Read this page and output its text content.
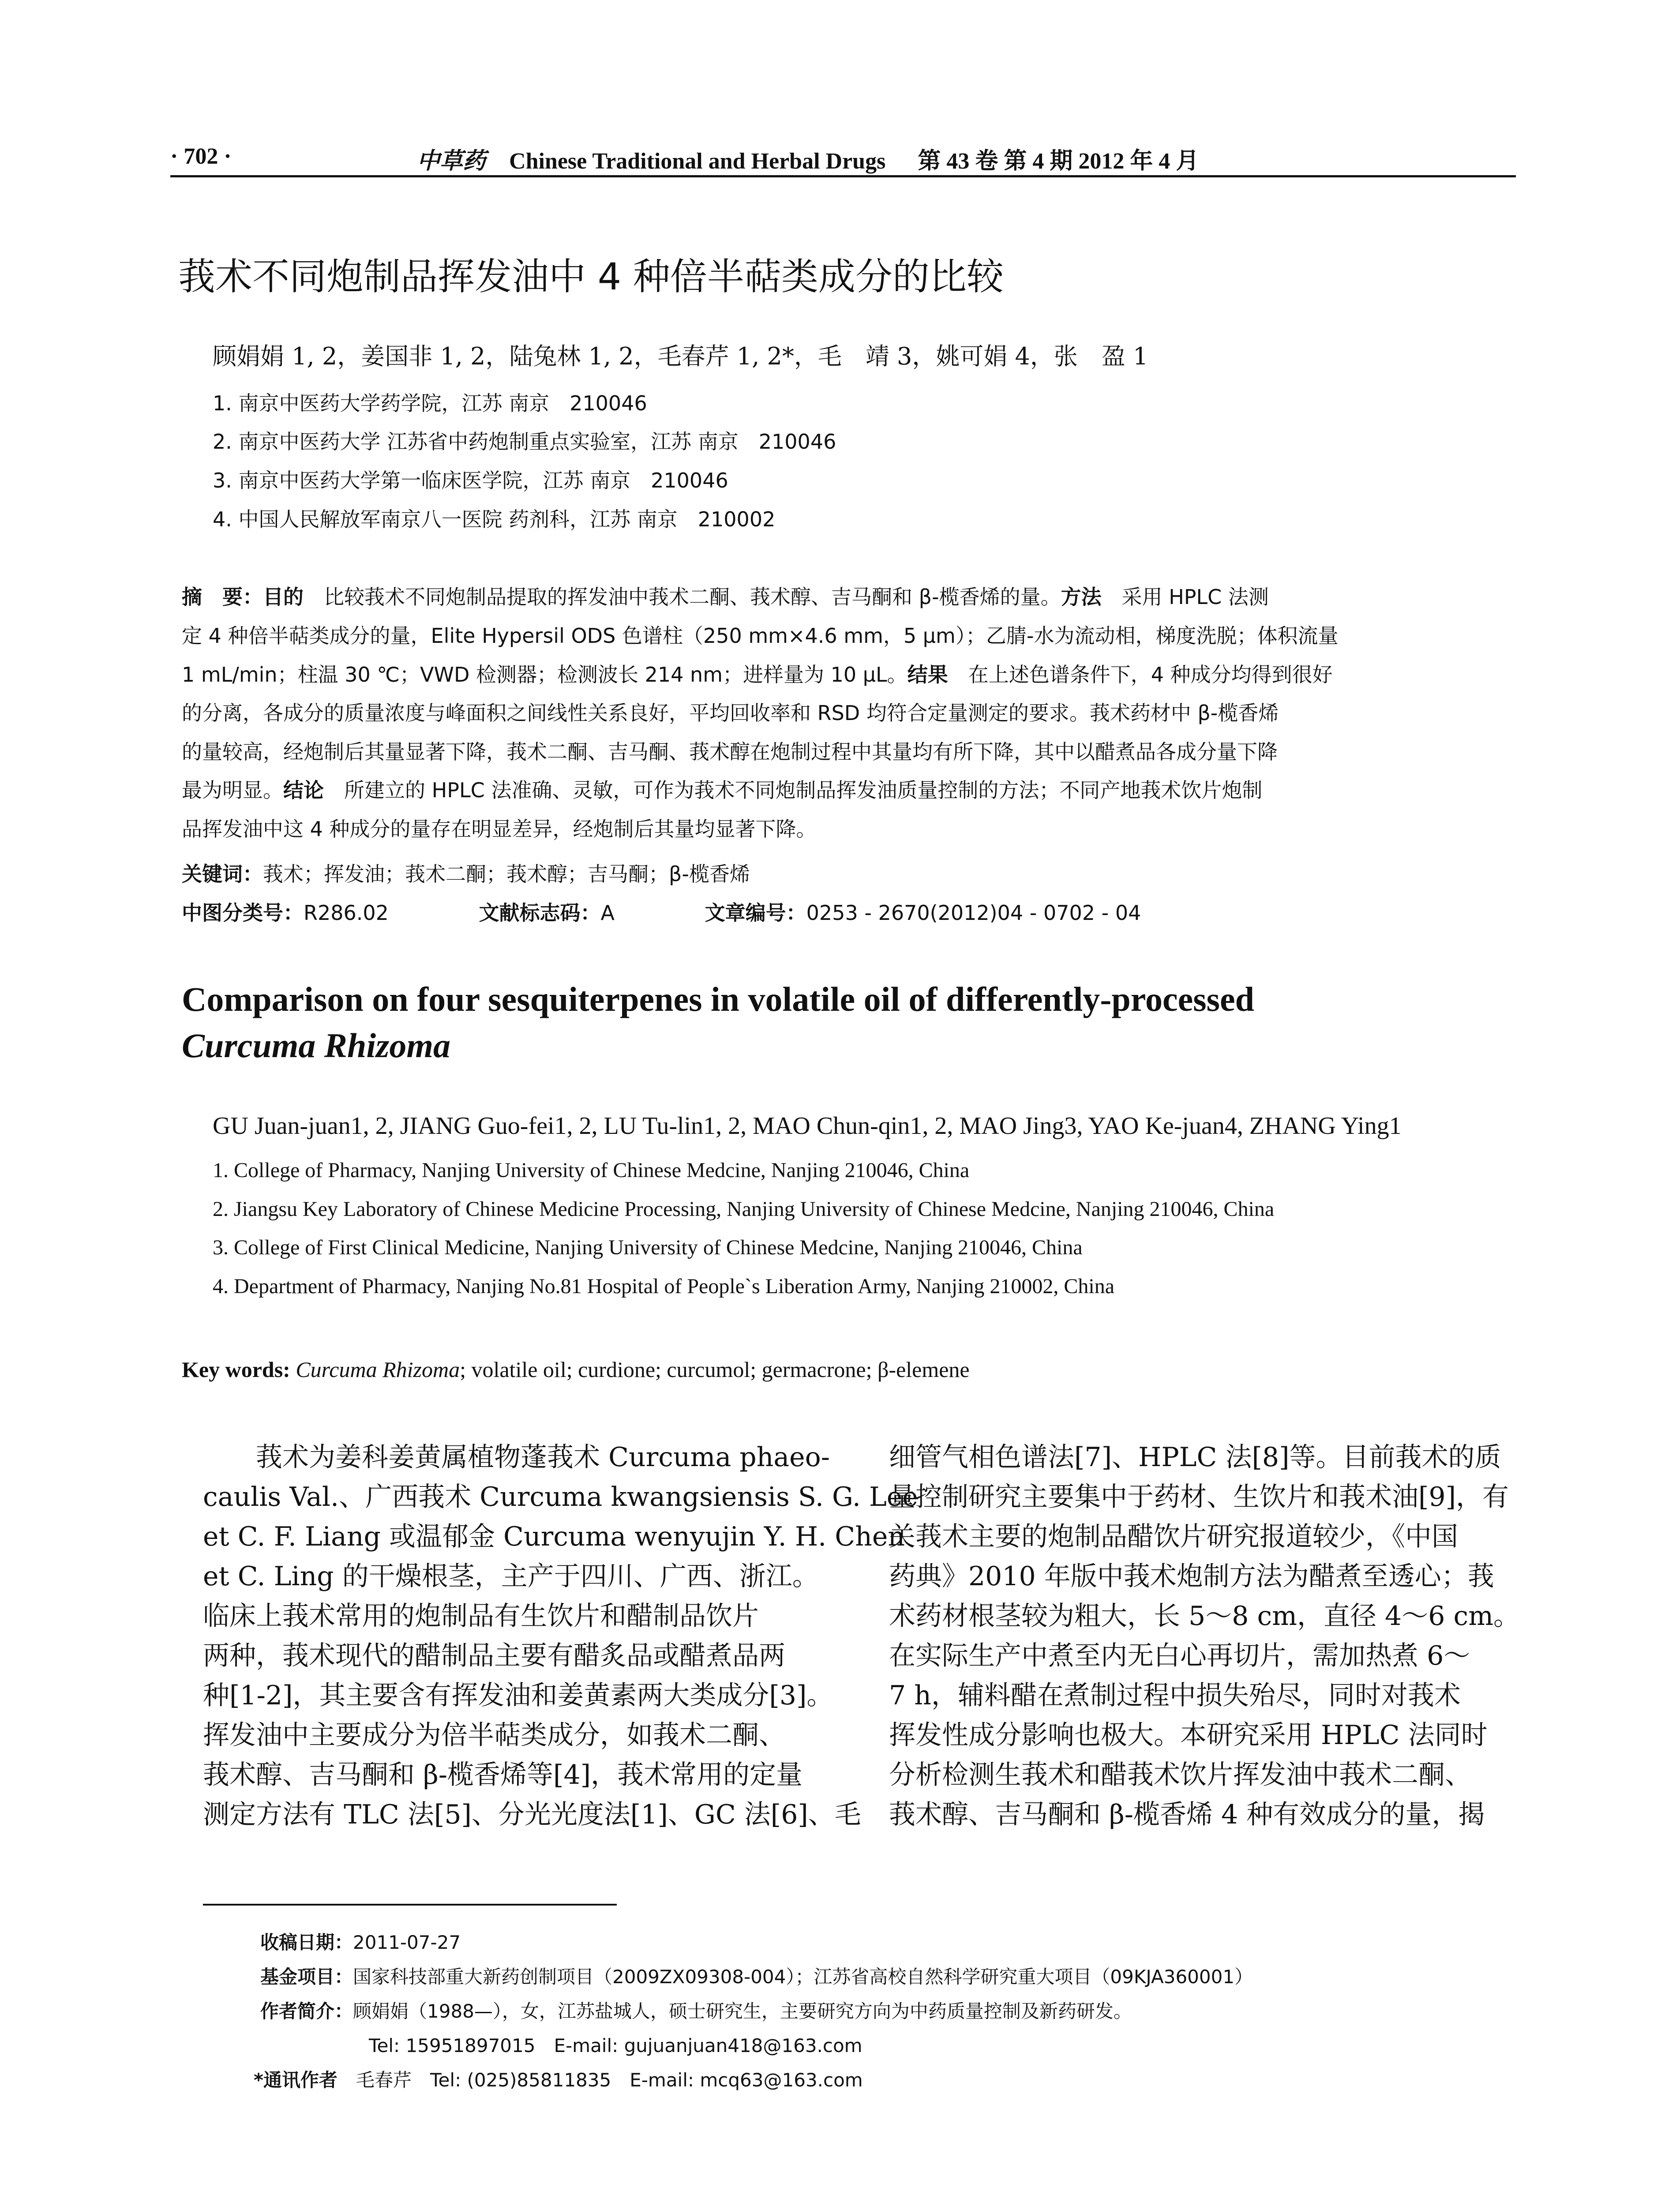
· 702 ·	中草药 Chinese Traditional and Herbal Drugs 第 43 卷 第 4 期 2012 年 4 月
莪术不同炮制品挥发油中 4 种倍半萜类成分的比较
顾娟娟 1, 2，姜国非 1, 2，陆兔林 1, 2，毛春芹 1, 2*，毛　靖 3，姚可娟 4，张　盈 1
1. 南京中医药大学药学院，江苏 南京　210046
2. 南京中医药大学 江苏省中药炮制重点实验室，江苏 南京　210046
3. 南京中医药大学第一临床医学院，江苏 南京　210046
4. 中国人民解放军南京八一医院 药剂科，江苏 南京　210002
摘　要：目的　比较莪术不同炮制品提取的挥发油中莪术二酮、莪术醇、吉马酮和 β-榄香烯的量。方法　采用 HPLC 法测
定 4 种倍半萜类成分的量，Elite Hypersil ODS 色谱柱（250 mm×4.6 mm，5 μm）；乙腈-水为流动相，梯度洗脱；体积流量
1 mL/min；柱温 30 ℃；VWD 检测器；检测波长 214 nm；进样量为 10 μL。结果　在上述色谱条件下，4 种成分均得到很好
的分离，各成分的质量浓度与峰面积之间线性关系良好，平均回收率和 RSD 均符合定量测定的要求。莪术药材中 β-榄香烯
的量较高，经炮制后其量显著下降，莪术二酮、吉马酮、莪术醇在炮制过程中其量均有所下降，其中以醋煮品各成分量下降
最为明显。结论　所建立的 HPLC 法准确、灵敏，可作为莪术不同炮制品挥发油质量控制的方法；不同产地莪术饮片炮制
品挥发油中这 4 种成分的量存在明显差异，经炮制后其量均显著下降。
关键词：莪术；挥发油；莪术二酮；莪术醇；吉马酮；β-榄香烯
中图分类号：R286.02	文献标志码：A	文章编号：0253 - 2670(2012)04 - 0702 - 04
Comparison on four sesquiterpenes in volatile oil of differently-processed
Curcuma Rhizoma
GU Juan-juan1, 2, JIANG Guo-fei1, 2, LU Tu-lin1, 2, MAO Chun-qin1, 2, MAO Jing3, YAO Ke-juan4, ZHANG Ying1
1. College of Pharmacy, Nanjing University of Chinese Medcine, Nanjing 210046, China
2. Jiangsu Key Laboratory of Chinese Medicine Processing, Nanjing University of Chinese Medcine, Nanjing 210046, China
3. College of First Clinical Medicine, Nanjing University of Chinese Medcine, Nanjing 210046, China
4. Department of Pharmacy, Nanjing No.81 Hospital of People`s Liberation Army, Nanjing 210002, China
Key words: Curcuma Rhizoma; volatile oil; curdione; curcumol; germacrone; β-elemene
　　莪术为姜科姜黄属植物蓬莪术 Curcuma phaeo-
caulis Val.、广西莪术 Curcuma kwangsiensis S. G. Lee
et C. F. Liang 或温郁金 Curcuma wenyujin Y. H. Chen
et C. Ling 的干燥根茎，主产于四川、广西、浙江。
临床上莪术常用的炮制品有生饮片和醋制品饮片
两种，莪术现代的醋制品主要有醋炙品或醋煮品两
种[1-2]，其主要含有挥发油和姜黄素两大类成分[3]。
挥发油中主要成分为倍半萜类成分，如莪术二酮、
莪术醇、吉马酮和 β-榄香烯等[4]，莪术常用的定量
测定方法有 TLC 法[5]、分光光度法[1]、GC 法[6]、毛
细管气相色谱法[7]、HPLC 法[8]等。目前莪术的质
量控制研究主要集中于药材、生饮片和莪术油[9]，有
关莪术主要的炮制品醋饮片研究报道较少，《中国
药典》2010 年版中莪术炮制方法为醋煮至透心；莪
术药材根茎较为粗大，长 5～8 cm，直径 4～6 cm。
在实际生产中煮至内无白心再切片，需加热煮 6～
7 h，辅料醋在煮制过程中损失殆尽，同时对莪术
挥发性成分影响也极大。本研究采用 HPLC 法同时
分析检测生莪术和醋莪术饮片挥发油中莪术二酮、
莪术醇、吉马酮和 β-榄香烯 4 种有效成分的量，揭
收稿日期：2011-07-27
基金项目：国家科技部重大新药创制项目（2009ZX09308-004）；江苏省高校自然科学研究重大项目（09KJA360001）
作者简介：顾娟娟（1988—），女，江苏盐城人，硕士研究生，主要研究方向为中药质量控制及新药研发。
Tel: 15951897015　E-mail: gujuanjuan418@163.com
*通讯作者　毛春芹　Tel: (025)85811835　E-mail: mcq63@163.com
